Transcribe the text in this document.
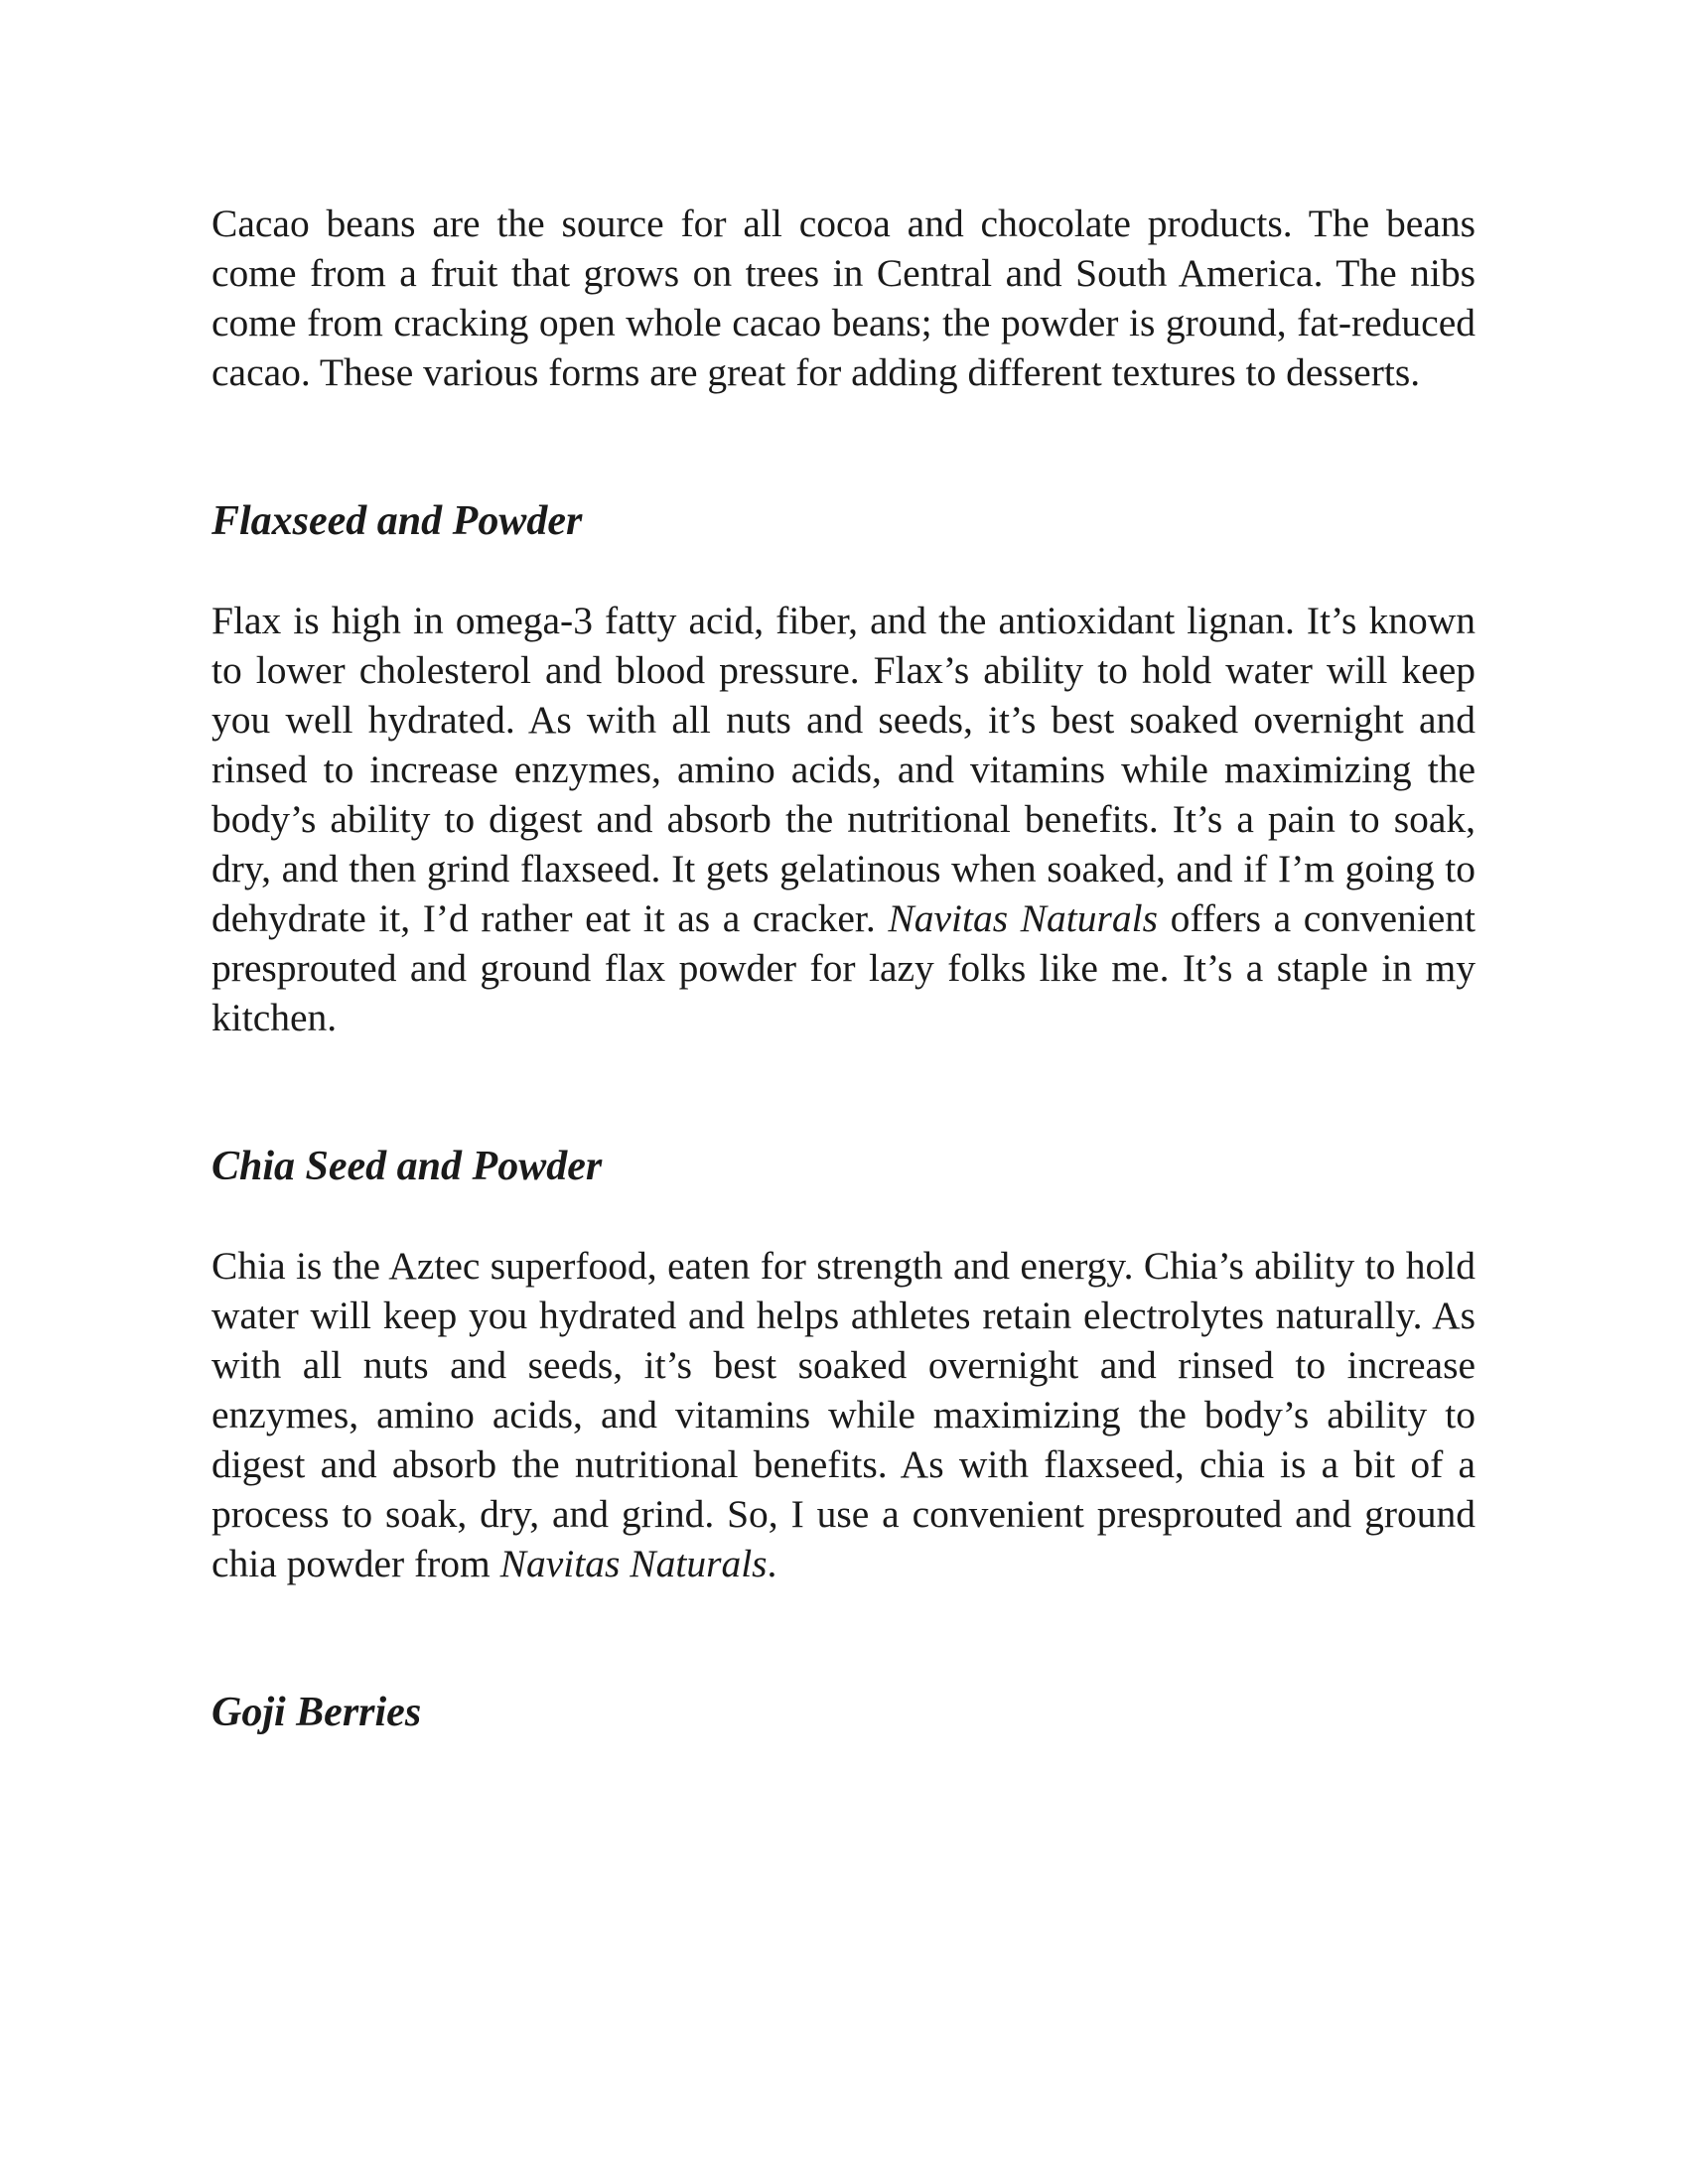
Cacao beans are the source for all cocoa and chocolate products. The beans come from a fruit that grows on trees in Central and South America. The nibs come from cracking open whole cacao beans; the powder is ground, fat-reduced cacao. These various forms are great for adding different textures to desserts.

Flaxseed and Powder

Flax is high in omega-3 fatty acid, fiber, and the antioxidant lignan. It’s known to lower cholesterol and blood pressure. Flax’s ability to hold water will keep you well hydrated. As with all nuts and seeds, it’s best soaked overnight and rinsed to increase enzymes, amino acids, and vitamins while maximizing the body’s ability to digest and absorb the nutritional benefits. It’s a pain to soak, dry, and then grind flaxseed. It gets gelatinous when soaked, and if I’m going to dehydrate it, I’d rather eat it as a cracker. Navitas Naturals offers a convenient presprouted and ground flax powder for lazy folks like me. It’s a staple in my kitchen.

Chia Seed and Powder

Chia is the Aztec superfood, eaten for strength and energy. Chia’s ability to hold water will keep you hydrated and helps athletes retain electrolytes naturally. As with all nuts and seeds, it’s best soaked overnight and rinsed to increase enzymes, amino acids, and vitamins while maximizing the body’s ability to digest and absorb the nutritional benefits. As with flaxseed, chia is a bit of a process to soak, dry, and grind. So, I use a convenient presprouted and ground chia powder from Navitas Naturals.

Goji Berries
